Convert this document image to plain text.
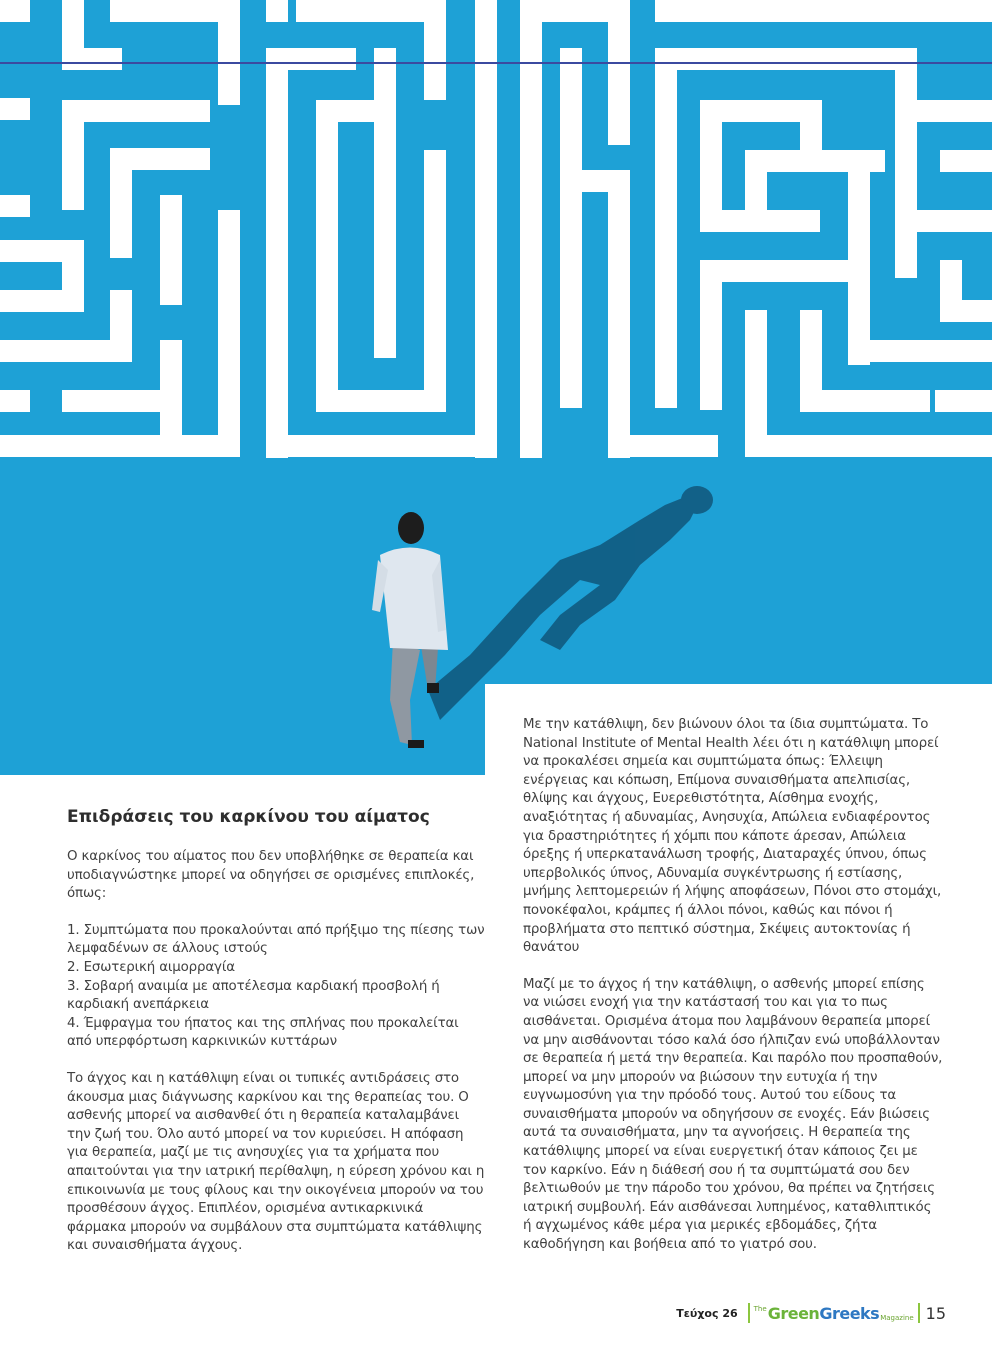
Επιδράσεις του καρκίνου του αίματος

Ο καρκίνος του αίματος που δεν υποβλήθηκε σε θεραπεία και υποδιαγνώστηκε μπορεί να οδηγήσει σε ορισμένες επιπλοκές, όπως:

1. Συμπτώματα που προκαλούνται από πρήξιμο της πίεσης των λεμφαδένων σε άλλους ιστούς
2. Εσωτερική αιμορραγία
3. Σοβαρή αναιμία με αποτέλεσμα καρδιακή προσβολή ή καρδιακή ανεπάρκεια
4. Έμφραγμα του ήπατος και της σπλήνας που προκαλείται από υπερφόρτωση καρκινικών κυττάρων

Το άγχος και η κατάθλιψη είναι οι τυπικές αντιδράσεις στο άκουσμα μιας διάγνωσης καρκίνου και της θεραπείας του. Ο ασθενής μπορεί να αισθανθεί ότι η θεραπεία καταλαμβάνει την ζωή του. Όλο αυτό μπορεί να τον κυριεύσει. Η απόφαση για θεραπεία, μαζί με τις ανησυχίες για τα χρήματα που απαιτούνται για την ιατρική περίθαλψη, η εύρεση χρόνου και η επικοινωνία με τους φίλους και την οικογένεια μπορούν να του προσθέσουν άγχος. Επιπλέον, ορισμένα αντικαρκινικά φάρμακα μπορούν να συμβάλουν στα συμπτώματα κατάθλιψης και συναισθήματα άγχους.

Με την κατάθλιψη, δεν βιώνουν όλοι τα ίδια συμπτώματα. Το National Institute of Mental Health λέει ότι η κατάθλιψη μπορεί να προκαλέσει σημεία και συμπτώματα όπως: Έλλειψη ενέργειας και κόπωση, Επίμονα συναισθήματα απελπισίας, θλίψης και άγχους, Ευερεθιστότητα, Αίσθημα ενοχής, αναξιότητας ή αδυναμίας, Ανησυχία, Απώλεια ενδιαφέροντος για δραστηριότητες ή χόμπι που κάποτε άρεσαν, Απώλεια όρεξης ή υπερκατανάλωση τροφής, Διαταραχές ύπνου, όπως υπερβολικός ύπνος, Αδυναμία συγκέντρωσης ή εστίασης, μνήμης λεπτομερειών ή λήψης αποφάσεων, Πόνοι στο στομάχι, πονοκέφαλοι, κράμπες ή άλλοι πόνοι, καθώς και πόνοι ή προβλήματα στο πεπτικό σύστημα, Σκέψεις αυτοκτονίας ή θανάτου

Μαζί με το άγχος ή την κατάθλιψη, ο ασθενής μπορεί επίσης να νιώσει ενοχή για την κατάστασή του και για το πως αισθάνεται. Ορισμένα άτομα που λαμβάνουν θεραπεία μπορεί να μην αισθάνονται τόσο καλά όσο ήλπιζαν ενώ υποβάλλονταν σε θεραπεία ή μετά την θεραπεία. Και παρόλο που προσπαθούν, μπορεί να μην μπορούν να βιώσουν την ευτυχία ή την ευγνωμοσύνη για την πρόοδό τους. Αυτού του είδους τα συναισθήματα μπορούν να οδηγήσουν σε ενοχές. Εάν βιώσεις αυτά τα συναισθήματα, μην τα αγνοήσεις. Η θεραπεία της κατάθλιψης μπορεί να είναι ευεργετική όταν κάποιος ζει με τον καρκίνο. Εάν η διάθεσή σου ή τα συμπτώματά σου δεν βελτιωθούν με την πάροδο του χρόνου, θα πρέπει να ζητήσεις ιατρική συμβουλή. Εάν αισθάνεσαι λυπημένος, καταθλιπτικός ή αγχωμένος κάθε μέρα για μερικές εβδομάδες, ζήτα καθοδήγηση και βοήθεια από το γιατρό σου.

Τεύχος 26 The Green Greeks Magazine 15
